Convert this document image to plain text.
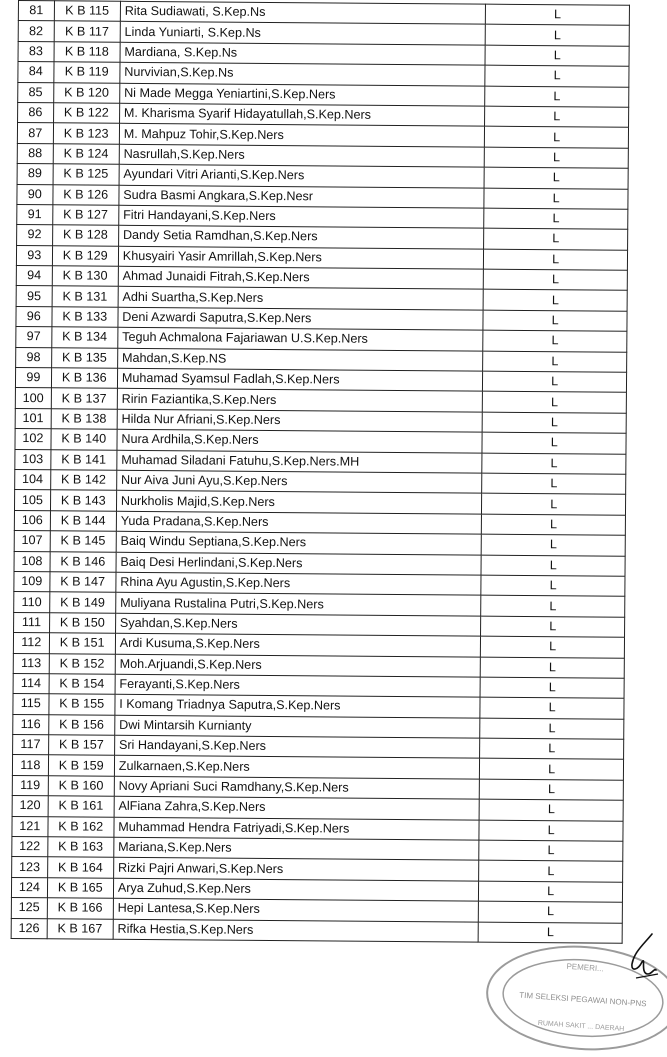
81	K B 115	Rita Sudiawati, S.Kep.Ns	L
82	K B 117	Linda Yuniarti, S.Kep.Ns	L
83	K B 118	Mardiana, S.Kep.Ns	L
84	K B 119	Nurvivian,S.Kep.Ns	L
85	K B 120	Ni Made Megga Yeniartini,S.Kep.Ners	L
86	K B 122	M. Kharisma Syarif Hidayatullah,S.Kep.Ners	L
87	K B 123	M. Mahpuz Tohir,S.Kep.Ners	L
88	K B 124	Nasrullah,S.Kep.Ners	L
89	K B 125	Ayundari Vitri Arianti,S.Kep.Ners	L
90	K B 126	Sudra Basmi Angkara,S.Kep.Nesr	L
91	K B 127	Fitri Handayani,S.Kep.Ners	L
92	K B 128	Dandy Setia Ramdhan,S.Kep.Ners	L
93	K B 129	Khusyairi Yasir Amrillah,S.Kep.Ners	L
94	K B 130	Ahmad Junaidi Fitrah,S.Kep.Ners	L
95	K B 131	Adhi Suartha,S.Kep.Ners	L
96	K B 133	Deni Azwardi Saputra,S.Kep.Ners	L
97	K B 134	Teguh Achmalona Fajariawan U.S.Kep.Ners	L
98	K B 135	Mahdan,S.Kep.NS	L
99	K B 136	Muhamad Syamsul Fadlah,S.Kep.Ners	L
100	K B 137	Ririn Faziantika,S.Kep.Ners	L
101	K B 138	Hilda Nur Afriani,S.Kep.Ners	L
102	K B 140	Nura Ardhila,S.Kep.Ners	L
103	K B 141	Muhamad Siladani Fatuhu,S.Kep.Ners.MH	L
104	K B 142	Nur Aiva Juni Ayu,S.Kep.Ners	L
105	K B 143	Nurkholis Majid,S.Kep.Ners	L
106	K B 144	Yuda Pradana,S.Kep.Ners	L
107	K B 145	Baiq Windu Septiana,S.Kep.Ners	L
108	K B 146	Baiq Desi Herlindani,S.Kep.Ners	L
109	K B 147	Rhina Ayu Agustin,S.Kep.Ners	L
110	K B 149	Muliyana Rustalina Putri,S.Kep.Ners	L
111	K B 150	Syahdan,S.Kep.Ners	L
112	K B 151	Ardi Kusuma,S.Kep.Ners	L
113	K B 152	Moh.Arjuandi,S.Kep.Ners	L
114	K B 154	Ferayanti,S.Kep.Ners	L
115	K B 155	I Komang Triadnya Saputra,S.Kep.Ners	L
116	K B 156	Dwi Mintarsih Kurnianty	L
117	K B 157	Sri Handayani,S.Kep.Ners	L
118	K B 159	Zulkarnaen,S.Kep.Ners	L
119	K B 160	Novy Apriani Suci Ramdhany,S.Kep.Ners	L
120	K B 161	AlFiana Zahra,S.Kep.Ners	L
121	K B 162	Muhammad Hendra Fatriyadi,S.Kep.Ners	L
122	K B 163	Mariana,S.Kep.Ners	L
123	K B 164	Rizki Pajri Anwari,S.Kep.Ners	L
124	K B 165	Arya Zuhud,S.Kep.Ners	L
125	K B 166	Hepi Lantesa,S.Kep.Ners	L
126	K B 167	Rifka Hestia,S.Kep.Ners	L
PEMERI...
TIM SELEKSI PEGAWAI NON-PNS
RUMAH SAKIT ... DAERAH
